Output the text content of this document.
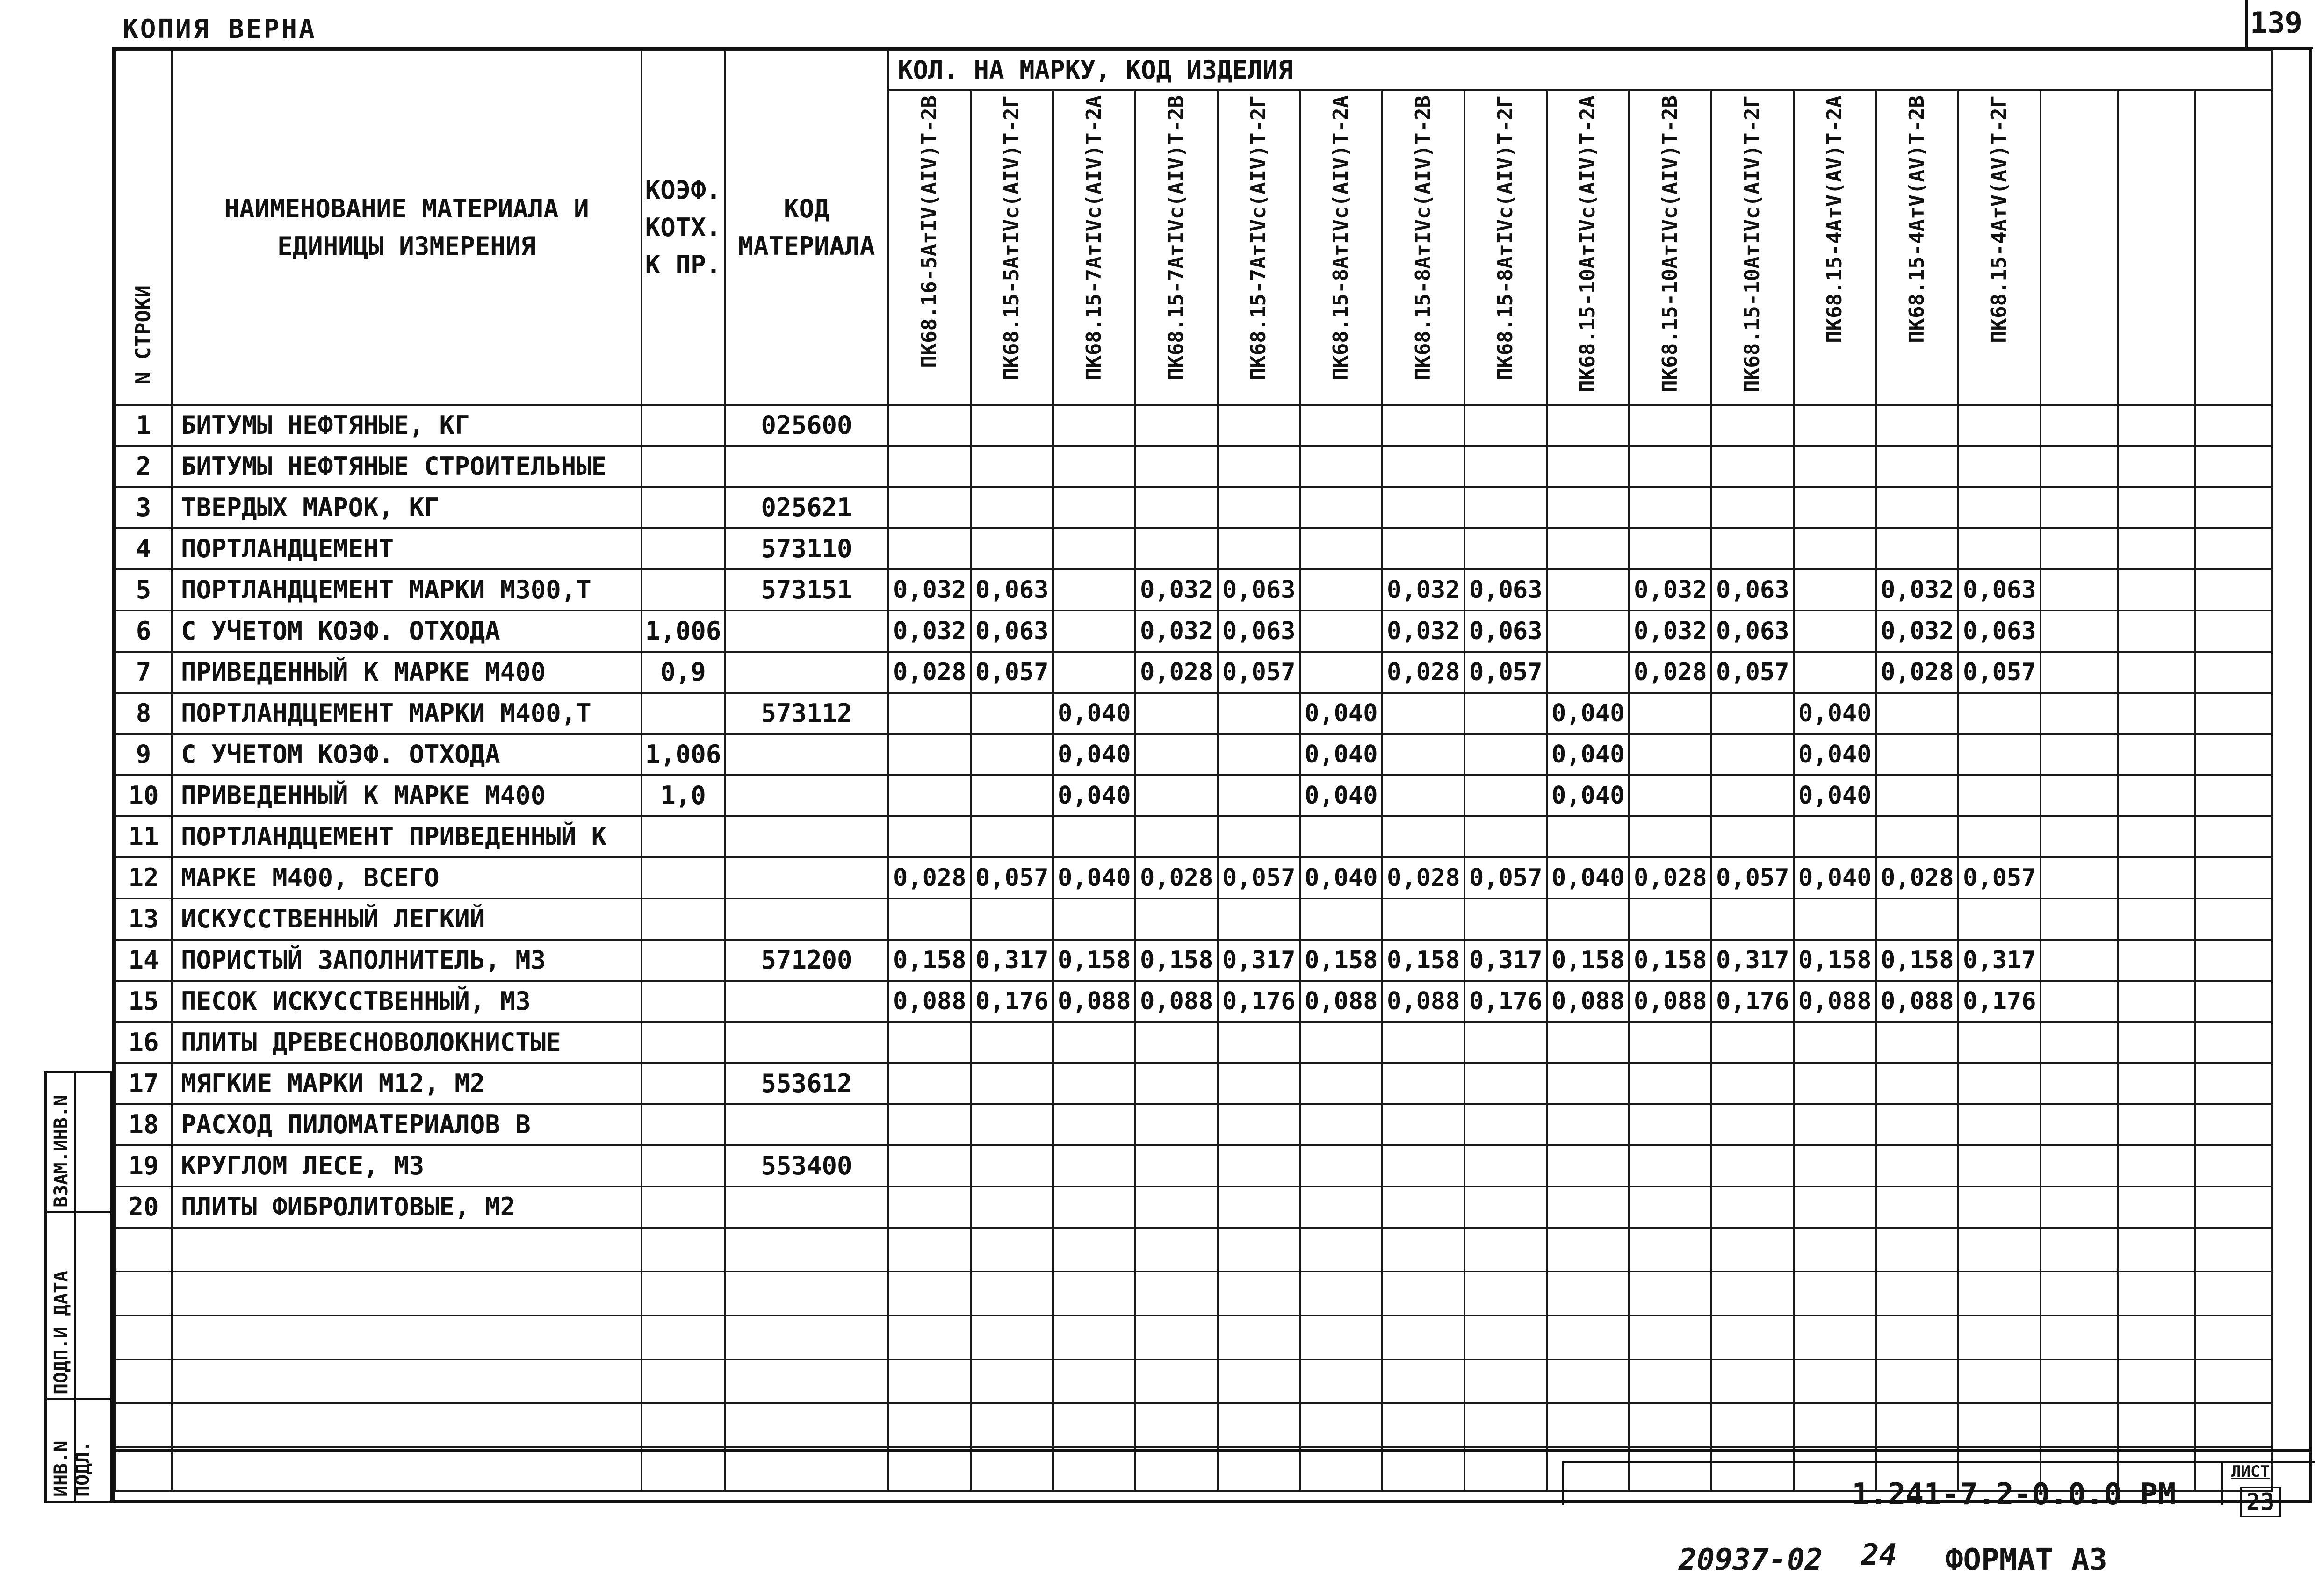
КОПИЯ ВЕРНА	139
N СТРОКИ	НАИМЕНОВАНИЕ МАТЕРИАЛА И ЕДИНИЦЫ ИЗМЕРЕНИЯ	КОЭФ. КОТХ. К ПР.	КОД МАТЕРИАЛА	КОЛ. НА МАРКУ, КОД ИЗДЕЛИЯ																
				ПК68.16-5АтIV(AIV)Т-2В	ПК68.15-5АтIVс(AIV)Т-2Г	ПК68.15-7АтIVс(AIV)Т-2А	ПК68.15-7АтIVс(AIV)Т-2В	ПК68.15-7АтIVс(AIV)Т-2Г	ПК68.15-8АтIVс(AIV)Т-2А	ПК68.15-8АтIVс(AIV)Т-2В	ПК68.15-8АтIVс(AIV)Т-2Г	ПК68.15-10АтIVс(AIV)Т-2А	ПК68.15-10АтIVс(AIV)Т-2В	ПК68.15-10АтIVс(AIV)Т-2Г	ПК68.15-4АтV(AV)Т-2А	ПК68.15-4АтV(AV)Т-2В	ПК68.15-4АтV(AV)Т-2Г			
1	БИТУМЫ НЕФТЯНЫЕ, КГ		025600																	
2	БИТУМЫ НЕФТЯНЫЕ СТРОИТЕЛЬНЫЕ																			
3	ТВЕРДЫХ МАРОК, КГ		025621																	
4	ПОРТЛАНДЦЕМЕНТ		573110																	
5	ПОРТЛАНДЦЕМЕНТ МАРКИ М300,Т		573151	0,032	0,063		0,032	0,063		0,032	0,063		0,032	0,063		0,032	0,063			
6	С УЧЕТОМ КОЭФ. ОТХОДА	1,006		0,032	0,063		0,032	0,063		0,032	0,063		0,032	0,063		0,032	0,063			
7	ПРИВЕДЕННЫЙ К МАРКЕ М400	0,9		0,028	0,057		0,028	0,057		0,028	0,057		0,028	0,057		0,028	0,057			
8	ПОРТЛАНДЦЕМЕНТ МАРКИ М400,Т		573112			0,040			0,040			0,040			0,040					
9	С УЧЕТОМ КОЭФ. ОТХОДА	1,006				0,040			0,040			0,040			0,040					
10	ПРИВЕДЕННЫЙ К МАРКЕ М400	1,0				0,040			0,040			0,040			0,040					
11	ПОРТЛАНДЦЕМЕНТ ПРИВЕДЕННЫЙ К																			
12	МАРКЕ М400, ВСЕГО			0,028	0,057	0,040	0,028	0,057	0,040	0,028	0,057	0,040	0,028	0,057	0,040	0,028	0,057			
13	ИСКУССТВЕННЫЙ ЛЕГКИЙ																			
14	ПОРИСТЫЙ ЗАПОЛНИТЕЛЬ, М3		571200	0,158	0,317	0,158	0,158	0,317	0,158	0,158	0,317	0,158	0,158	0,317	0,158	0,158	0,317			
15	ПЕСОК ИСКУССТВЕННЫЙ, М3			0,088	0,176	0,088	0,088	0,176	0,088	0,088	0,176	0,088	0,088	0,176	0,088	0,088	0,176			
16	ПЛИТЫ ДРЕВЕСНОВОЛОКНИСТЫЕ																			
17	МЯГКИЕ МАРКИ М12, М2		553612																	
18	РАСХОД ПИЛОМАТЕРИАЛОВ В																			
19	КРУГЛОМ ЛЕСЕ, М3		553400																	
20	ПЛИТЫ ФИБРОЛИТОВЫЕ, М2																			

ВЗАМ.ИНВ.N
ПОДП.И ДАТА
ИНВ.N ПОДЛ.	1.241-7.2-0.0.0 РМ
ЛИСТ
23
20937-02 24 ФОРМАТ А3
